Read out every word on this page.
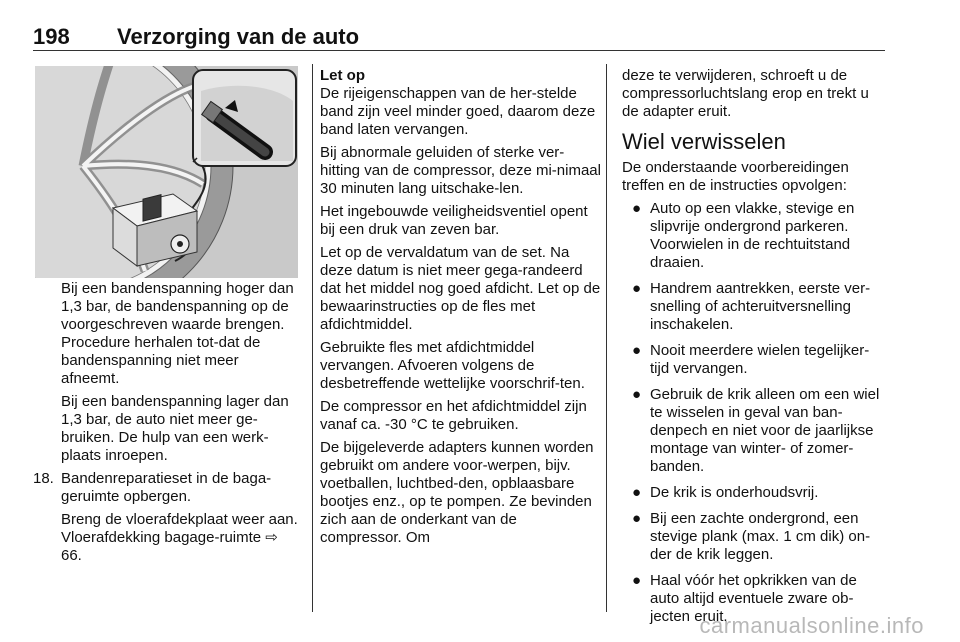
198 Verzorging van de auto

Bij een bandenspanning hoger dan 1,3 bar, de bandenspanning op de voorgeschreven waarde brengen. Procedure herhalen tot-dat de bandenspanning niet meer afneemt.

Bij een bandenspanning lager dan 1,3 bar, de auto niet meer ge-bruiken. De hulp van een werk-plaats inroepen.

18. Bandenreparatieset in de baga-geruimte opbergen.

Breng de vloerafdekplaat weer aan. Vloerafdekking bagage-ruimte ⇨ 66.

Let op

De rijeigenschappen van de her-stelde band zijn veel minder goed, daarom deze band laten vervangen.

Bij abnormale geluiden of sterke ver-hitting van de compressor, deze mi-nimaal 30 minuten lang uitschake-len.

Het ingebouwde veiligheidsventiel opent bij een druk van zeven bar.

Let op de vervaldatum van de set. Na deze datum is niet meer gega-randeerd dat het middel nog goed afdicht. Let op de bewaarinstructies op de fles met afdichtmiddel.

Gebruikte fles met afdichtmiddel vervangen. Afvoeren volgens de desbetreffende wettelijke voorschrif-ten.

De compressor en het afdichtmiddel zijn vanaf ca. -30 °C te gebruiken.

De bijgeleverde adapters kunnen worden gebruikt om andere voor-werpen, bijv. voetballen, luchtbed-den, opblaasbare bootjes enz., op te pompen. Ze bevinden zich aan de onderkant van de compressor. Om

deze te verwijderen, schroeft u de compressorluchtslang erop en trekt u de adapter eruit.

Wiel verwisselen

De onderstaande voorbereidingen treffen en de instructies opvolgen:

● Auto op een vlakke, stevige en slipvrije ondergrond parkeren. Voorwielen in de rechtuitstand draaien.
● Handrem aantrekken, eerste ver-snelling of achteruitversnelling inschakelen.
● Nooit meerdere wielen tegelijker-tijd vervangen.
● Gebruik de krik alleen om een wiel te wisselen in geval van ban-denpech en niet voor de jaarlijkse montage van winter- of zomer-banden.
● De krik is onderhoudsvrij.
● Bij een zachte ondergrond, een stevige plank (max. 1 cm dik) on-der de krik leggen.
● Haal vóór het opkrikken van de auto altijd eventuele zware ob-jecten eruit.
carmanualsonline.info
